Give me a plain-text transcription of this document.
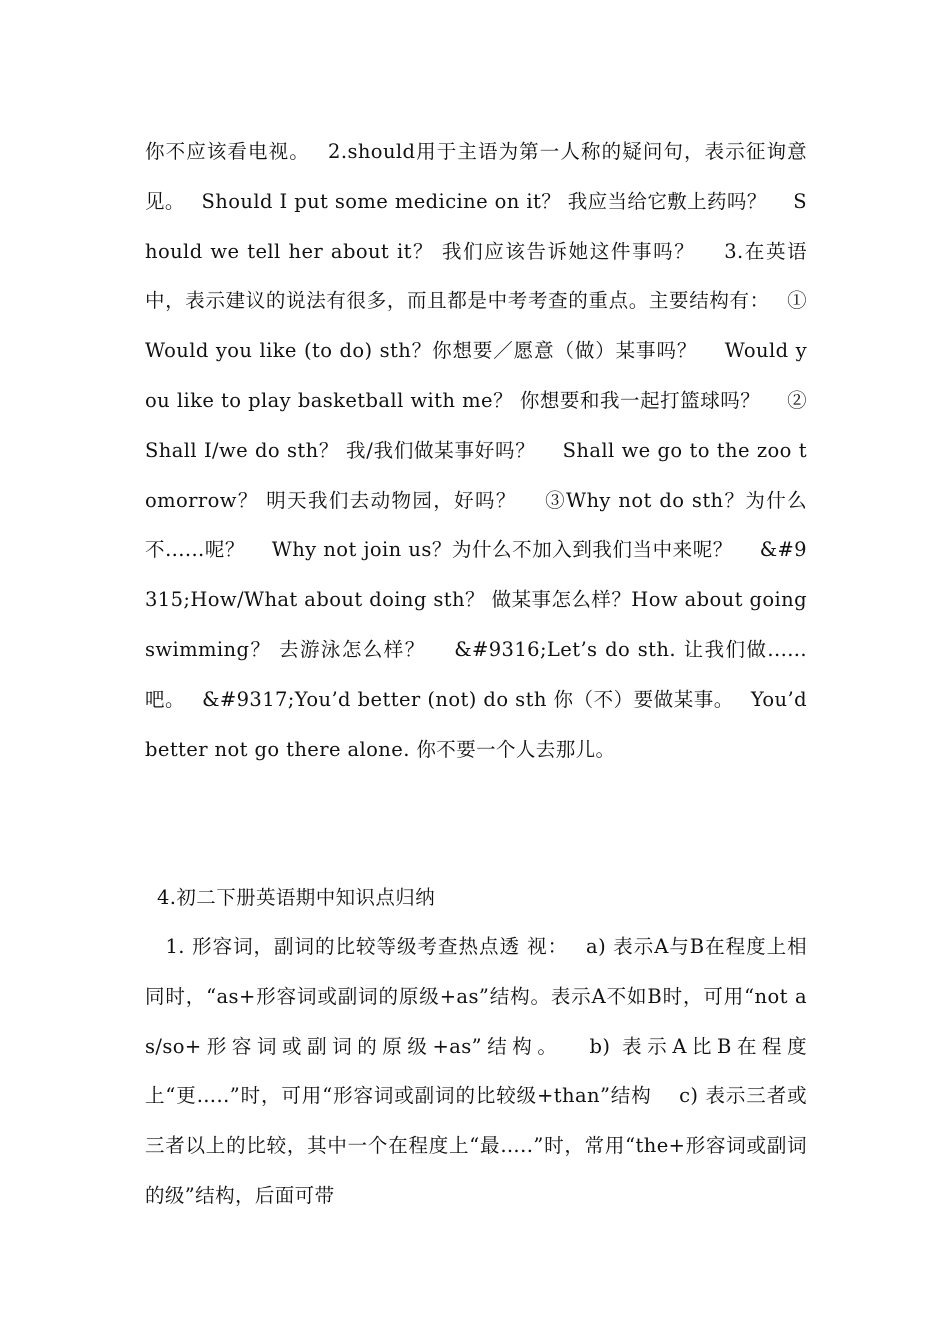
你不应该看电视。　 2.should用于主语为第一人称的疑问句，表示征询意见。　 Should I put some medicine on it？ 我应当给它敷上药吗？　 Should we tell her about it？ 我们应该告诉她这件事吗？　 3.在英语中，表示建议的说法有很多，而且都是中考考查的重点。主要结构有：　 ①Would you like (to do) sth？你想要／愿意（做）某事吗？　 Would you like to play basketball with me？ 你想要和我一起打篮球吗？　 ②Shall I/we do sth？ 我/我们做某事好吗？　 Shall we go to the zoo tomorrow？ 明天我们去动物园，好吗？　 ③Why not do sth？为什么不......呢？　 Why not join us？为什么不加入到我们当中来呢？　 &#9315;How/What about doing sth？ 做某事怎么样？How about going swimming？ 去游泳怎么样？　 &#9316;Let’s do sth. 让我们做......吧。　 &#9317;You’d better (not) do sth 你（不）要做某事。　 You’d better not go there alone. 你不要一个人去那儿。

4.初二下册英语期中知识点归纳

　1. 形容词，副词的比较等级考查热点透 视：　 a) 表示A与B在程度上相同时，“as+形容词或副词的原级+as”结构。表示A不如B时，可用“not as/so+形容词或副词的原级+as”结构。　 b) 表示A比B在程度上“更…..”时，可用“形容词或副词的比较级+than”结构　 c) 表示三者或三者以上的比较，其中一个在程度上“最…..”时，常用“the+形容词或副词的级”结构，后面可带
